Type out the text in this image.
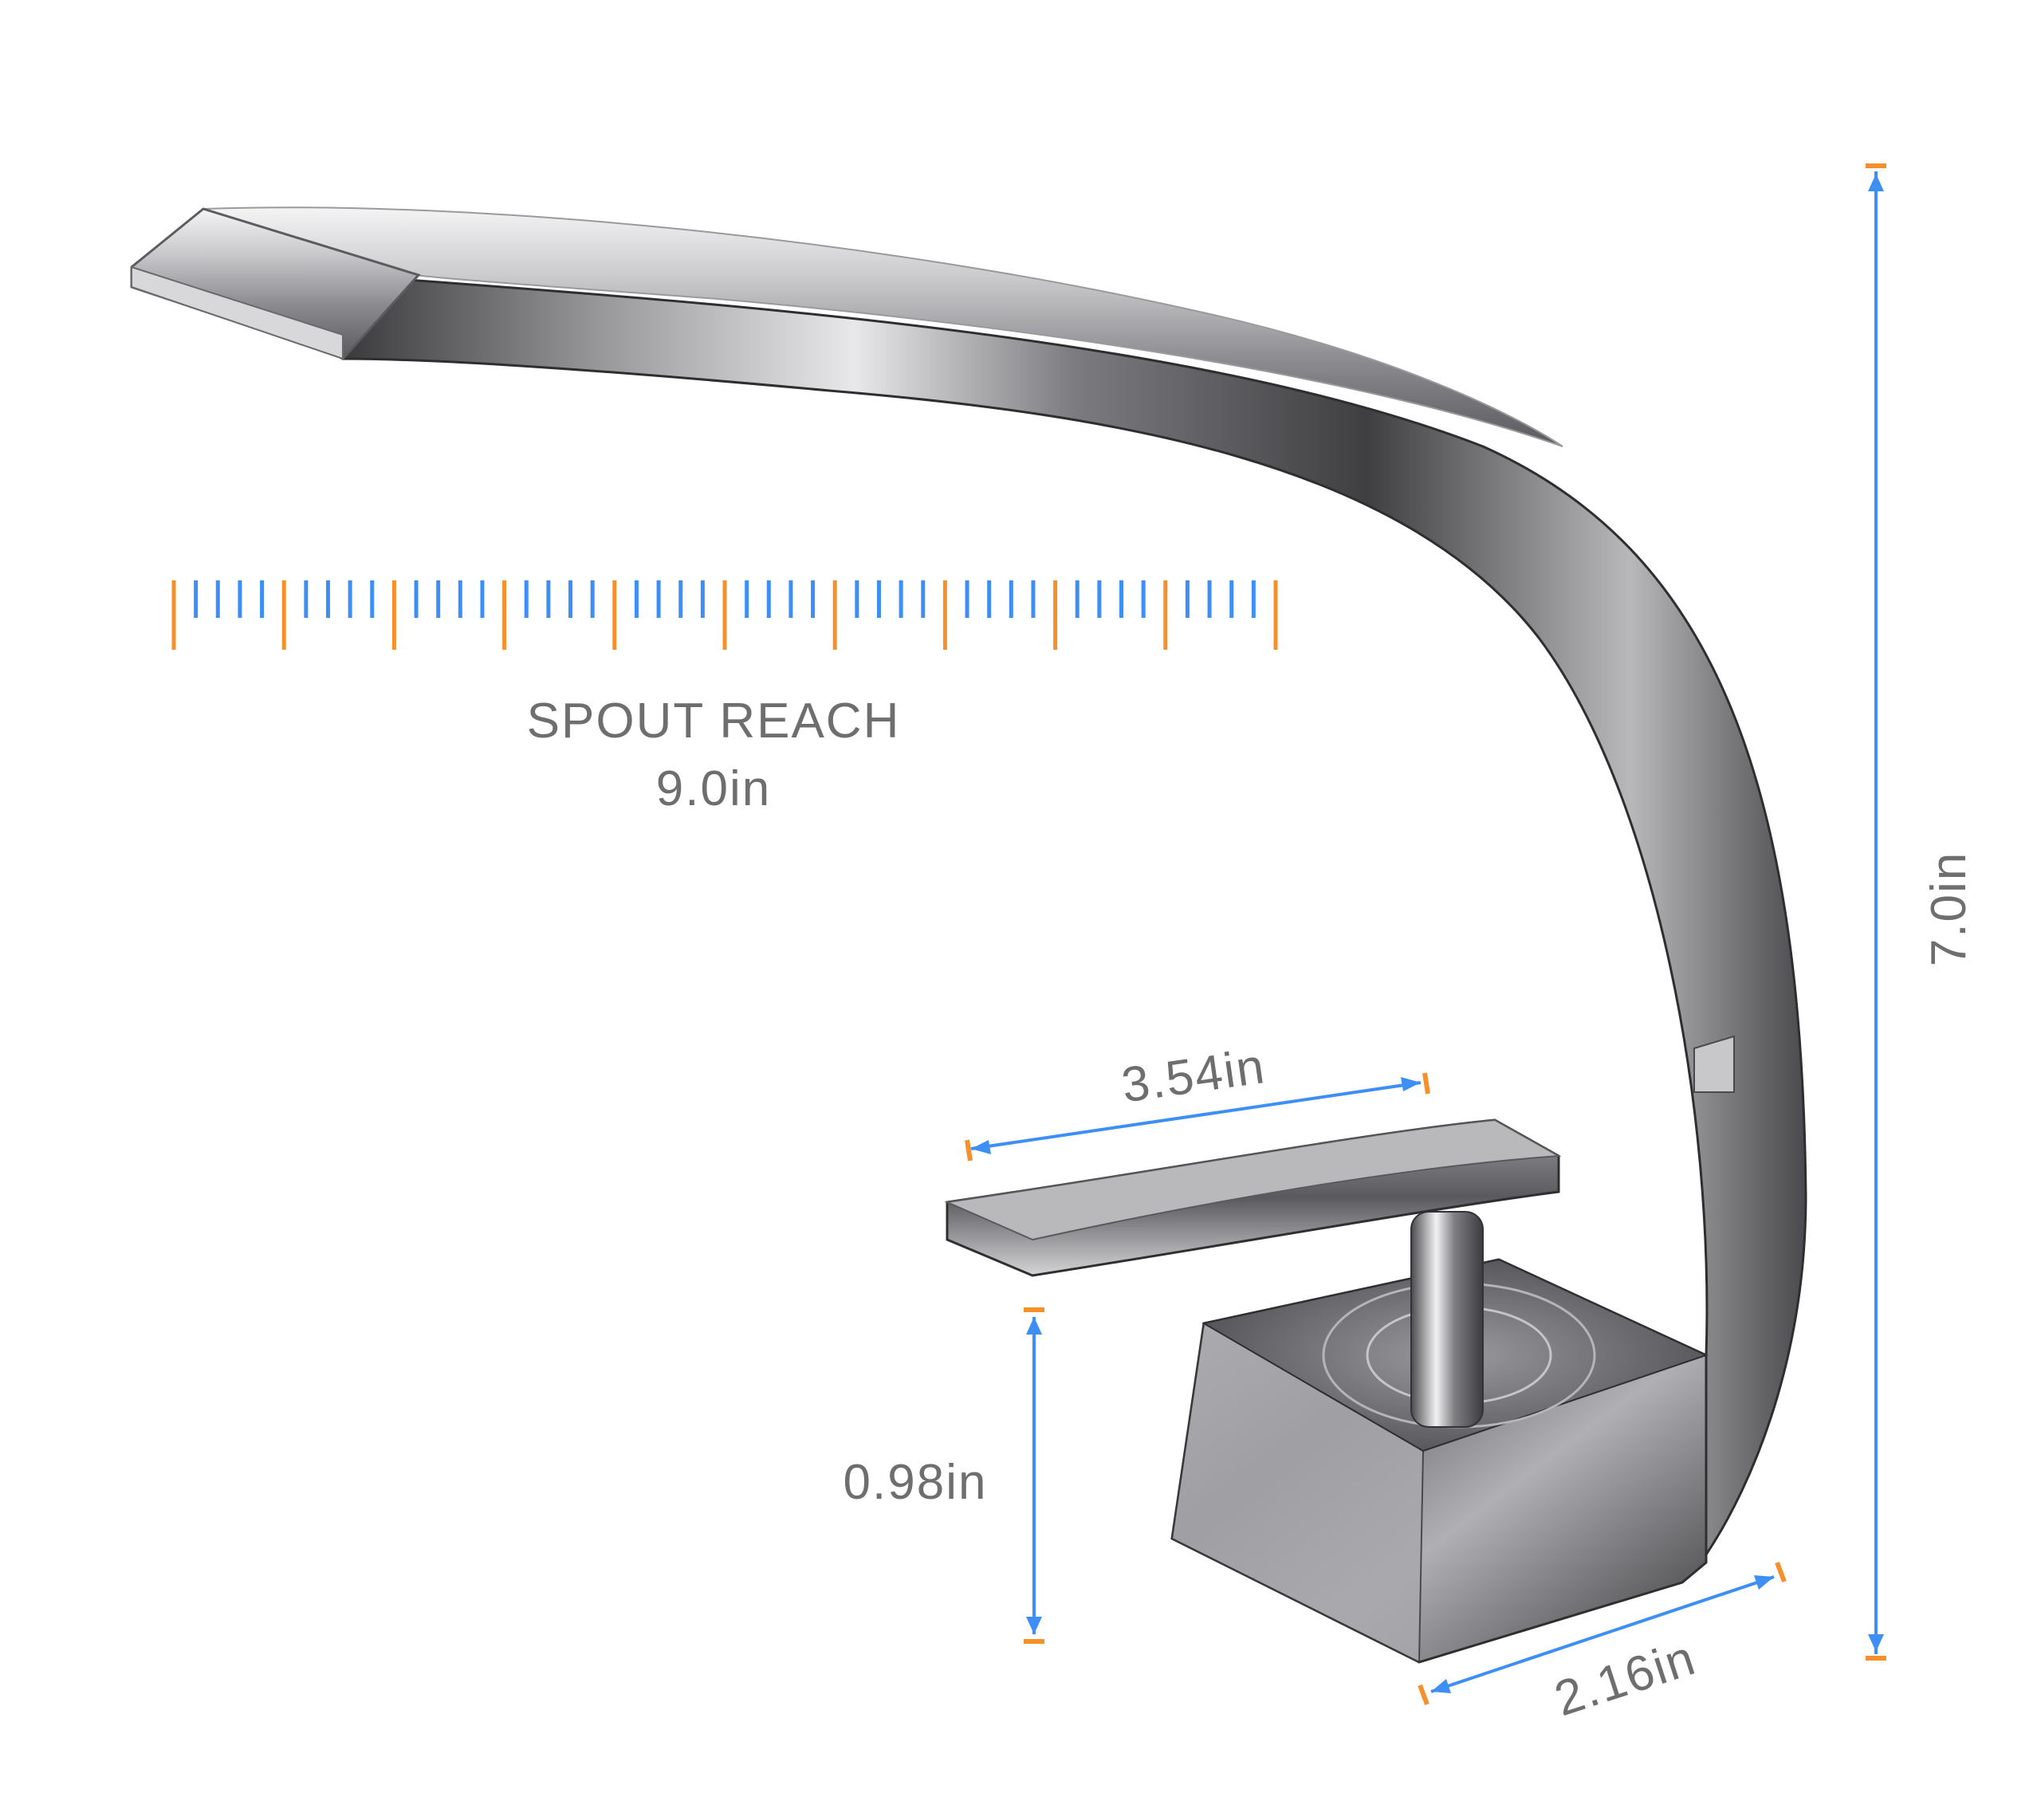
SPOUT REACH
9.0in
7.0in
3.54in
0.98in
2.16in
